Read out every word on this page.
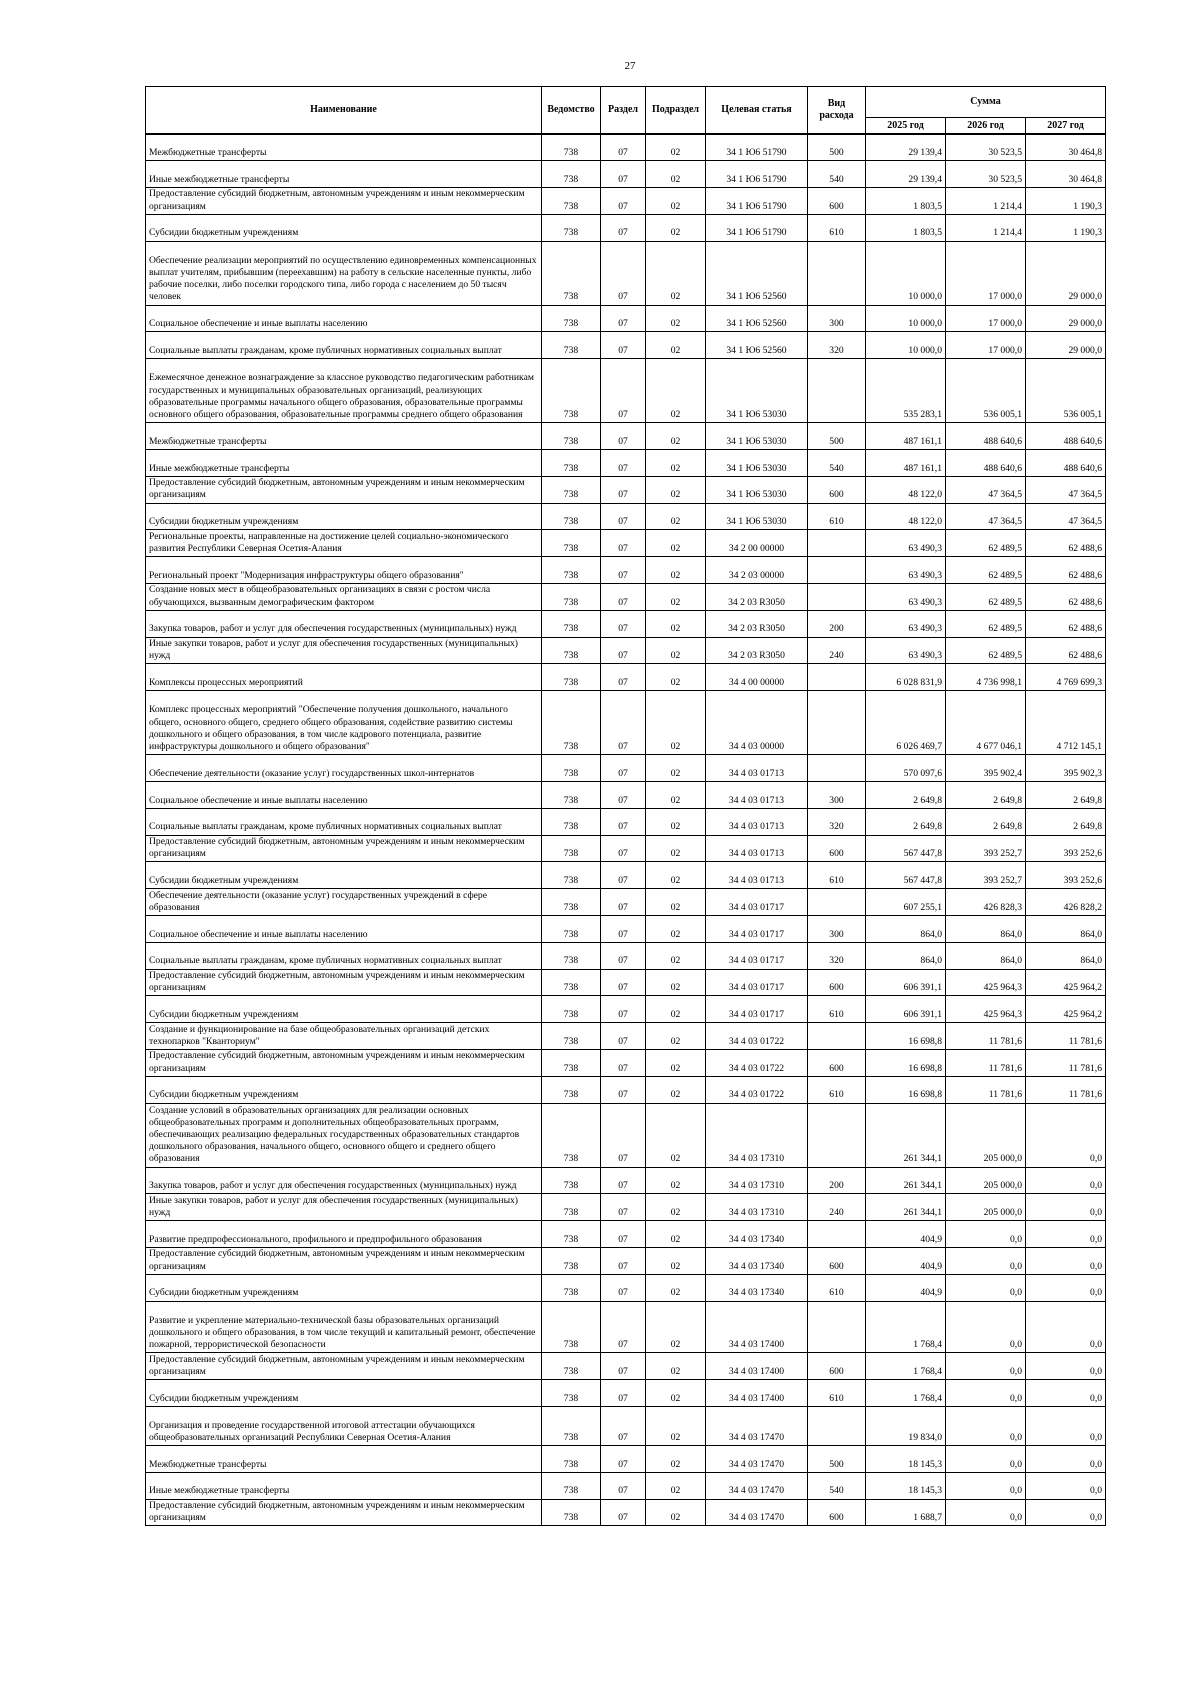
27
Наименование	Ведомство	Раздел	Подраздел	Целевая статья	Вид расхода	Сумма		
						2025 год	2026 год	2027 год
Межбюджетные трансферты	738	07	02	34 1 Ю6 51790	500	29 139,4	30 523,5	30 464,8
Иные межбюджетные трансферты	738	07	02	34 1 Ю6 51790	540	29 139,4	30 523,5	30 464,8
Предоставление субсидий бюджетным, автономным учреждениям и иным некоммерческим организациям	738	07	02	34 1 Ю6 51790	600	1 803,5	1 214,4	1 190,3
Субсидии бюджетным учреждениям	738	07	02	34 1 Ю6 51790	610	1 803,5	1 214,4	1 190,3
Обеспечение реализации мероприятий по осуществлению единовременных компенсационных выплат учителям, прибывшим (переехавшим) на работу в сельские населенные пункты, либо рабочие поселки, либо поселки городского типа, либо города с населением до 50 тысяч человек	738	07	02	34 1 Ю6 52560		10 000,0	17 000,0	29 000,0
Социальное обеспечение и иные выплаты населению	738	07	02	34 1 Ю6 52560	300	10 000,0	17 000,0	29 000,0
Социальные выплаты гражданам, кроме публичных нормативных социальных выплат	738	07	02	34 1 Ю6 52560	320	10 000,0	17 000,0	29 000,0
Ежемесячное денежное вознаграждение за классное руководство педагогическим работникам государственных и муниципальных образовательных организаций, реализующих образовательные программы начального общего образования, образовательные программы основного общего образования, образовательные программы среднего общего образования	738	07	02	34 1 Ю6 53030		535 283,1	536 005,1	536 005,1
Межбюджетные трансферты	738	07	02	34 1 Ю6 53030	500	487 161,1	488 640,6	488 640,6
Иные межбюджетные трансферты	738	07	02	34 1 Ю6 53030	540	487 161,1	488 640,6	488 640,6
Предоставление субсидий бюджетным, автономным учреждениям и иным некоммерческим организациям	738	07	02	34 1 Ю6 53030	600	48 122,0	47 364,5	47 364,5
Субсидии бюджетным учреждениям	738	07	02	34 1 Ю6 53030	610	48 122,0	47 364,5	47 364,5
Региональные проекты, направленные на достижение целей социально-экономического развития Республики Северная Осетия-Алания	738	07	02	34 2 00 00000		63 490,3	62 489,5	62 488,6
Региональный проект "Модернизация инфраструктуры общего образования"	738	07	02	34 2 03 00000		63 490,3	62 489,5	62 488,6
Создание новых мест в общеобразовательных организациях в связи с ростом числа обучающихся, вызванным демографическим фактором	738	07	02	34 2 03 R3050		63 490,3	62 489,5	62 488,6
Закупка товаров, работ и услуг для обеспечения государственных (муниципальных) нужд	738	07	02	34 2 03 R3050	200	63 490,3	62 489,5	62 488,6
Иные закупки товаров, работ и услуг для обеспечения государственных (муниципальных) нужд	738	07	02	34 2 03 R3050	240	63 490,3	62 489,5	62 488,6
Комплексы процессных мероприятий	738	07	02	34 4 00 00000		6 028 831,9	4 736 998,1	4 769 699,3
Комплекс процессных мероприятий "Обеспечение получения дошкольного, начального общего, основного общего, среднего общего образования, содействие развитию системы дошкольного и общего образования, в том числе кадрового потенциала, развитие инфраструктуры дошкольного и общего образования"	738	07	02	34 4 03 00000		6 026 469,7	4 677 046,1	4 712 145,1
Обеспечение деятельности (оказание услуг) государственных школ-интернатов	738	07	02	34 4 03 01713		570 097,6	395 902,4	395 902,3
Социальное обеспечение и иные выплаты населению	738	07	02	34 4 03 01713	300	2 649,8	2 649,8	2 649,8
Социальные выплаты гражданам, кроме публичных нормативных социальных выплат	738	07	02	34 4 03 01713	320	2 649,8	2 649,8	2 649,8
Предоставление субсидий бюджетным, автономным учреждениям и иным некоммерческим организациям	738	07	02	34 4 03 01713	600	567 447,8	393 252,7	393 252,6
Субсидии бюджетным учреждениям	738	07	02	34 4 03 01713	610	567 447,8	393 252,7	393 252,6
Обеспечение деятельности (оказание услуг) государственных учреждений в сфере образования	738	07	02	34 4 03 01717		607 255,1	426 828,3	426 828,2
Социальное обеспечение и иные выплаты населению	738	07	02	34 4 03 01717	300	864,0	864,0	864,0
Социальные выплаты гражданам, кроме публичных нормативных социальных выплат	738	07	02	34 4 03 01717	320	864,0	864,0	864,0
Предоставление субсидий бюджетным, автономным учреждениям и иным некоммерческим организациям	738	07	02	34 4 03 01717	600	606 391,1	425 964,3	425 964,2
Субсидии бюджетным учреждениям	738	07	02	34 4 03 01717	610	606 391,1	425 964,3	425 964,2
Создание и функционирование на базе общеобразовательных организаций детских технопарков "Кванториум"	738	07	02	34 4 03 01722		16 698,8	11 781,6	11 781,6
Предоставление субсидий бюджетным, автономным учреждениям и иным некоммерческим организациям	738	07	02	34 4 03 01722	600	16 698,8	11 781,6	11 781,6
Субсидии бюджетным учреждениям	738	07	02	34 4 03 01722	610	16 698,8	11 781,6	11 781,6
Создание условий в образовательных организациях для реализации основных общеобразовательных программ и дополнительных общеобразовательных программ, обеспечивающих реализацию федеральных государственных образовательных стандартов дошкольного образования, начального общего, основного общего и среднего общего образования	738	07	02	34 4 03 17310		261 344,1	205 000,0	0,0
Закупка товаров, работ и услуг для обеспечения государственных (муниципальных) нужд	738	07	02	34 4 03 17310	200	261 344,1	205 000,0	0,0
Иные закупки товаров, работ и услуг для обеспечения государственных (муниципальных) нужд	738	07	02	34 4 03 17310	240	261 344,1	205 000,0	0,0
Развитие предпрофессионального, профильного и предпрофильного образования	738	07	02	34 4 03 17340		404,9	0,0	0,0
Предоставление субсидий бюджетным, автономным учреждениям и иным некоммерческим организациям	738	07	02	34 4 03 17340	600	404,9	0,0	0,0
Субсидии бюджетным учреждениям	738	07	02	34 4 03 17340	610	404,9	0,0	0,0
Развитие и укрепление материально-технической базы образовательных организаций дошкольного и общего образования, в том числе текущий и капитальный ремонт, обеспечение пожарной, террористической безопасности	738	07	02	34 4 03 17400		1 768,4	0,0	0,0
Предоставление субсидий бюджетным, автономным учреждениям и иным некоммерческим организациям	738	07	02	34 4 03 17400	600	1 768,4	0,0	0,0
Субсидии бюджетным учреждениям	738	07	02	34 4 03 17400	610	1 768,4	0,0	0,0
Организация и проведение государственной итоговой аттестации обучающихся общеобразовательных организаций Республики Северная Осетия-Алания	738	07	02	34 4 03 17470		19 834,0	0,0	0,0
Межбюджетные трансферты	738	07	02	34 4 03 17470	500	18 145,3	0,0	0,0
Иные межбюджетные трансферты	738	07	02	34 4 03 17470	540	18 145,3	0,0	0,0
Предоставление субсидий бюджетным, автономным учреждениям и иным некоммерческим организациям	738	07	02	34 4 03 17470	600	1 688,7	0,0	0,0
